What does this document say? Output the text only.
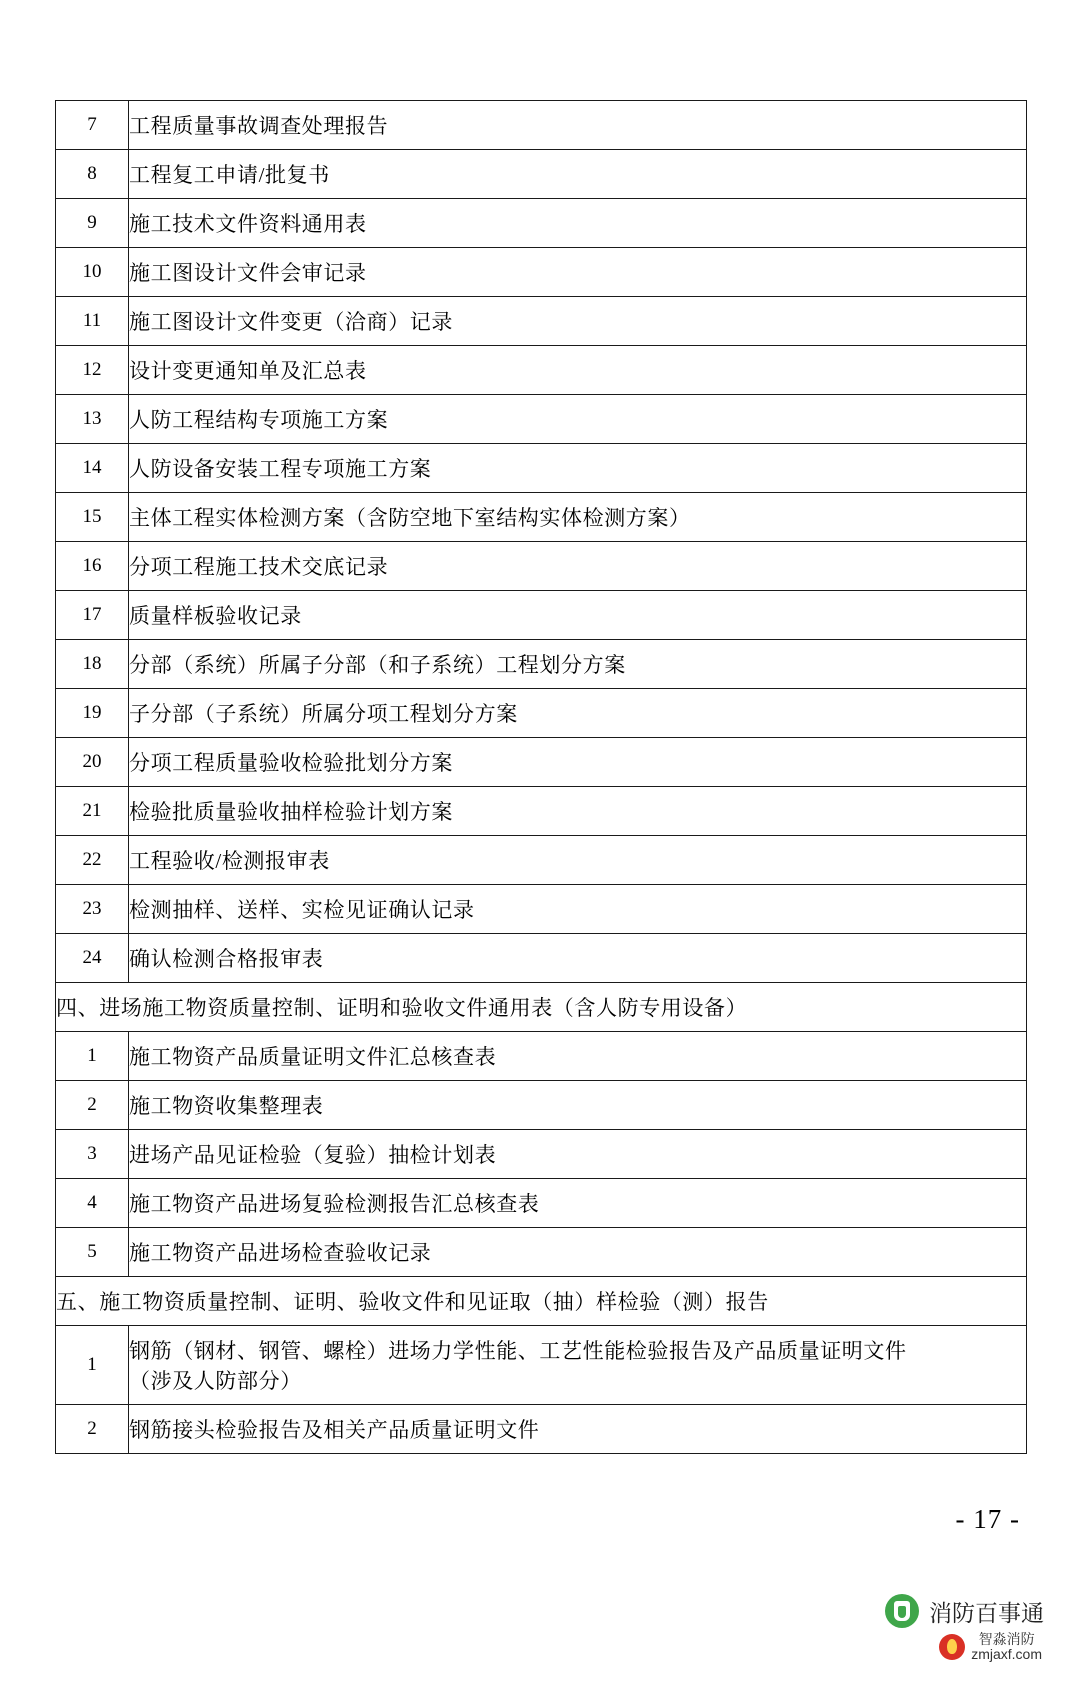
7	工程质量事故调查处理报告
8	工程复工申请/批复书
9	施工技术文件资料通用表
10	施工图设计文件会审记录
11	施工图设计文件变更（洽商）记录
12	设计变更通知单及汇总表
13	人防工程结构专项施工方案
14	人防设备安装工程专项施工方案
15	主体工程实体检测方案（含防空地下室结构实体检测方案）
16	分项工程施工技术交底记录
17	质量样板验收记录
18	分部（系统）所属子分部（和子系统）工程划分方案
19	子分部（子系统）所属分项工程划分方案
20	分项工程质量验收检验批划分方案
21	检验批质量验收抽样检验计划方案
22	工程验收/检测报审表
23	检测抽样、送样、实检见证确认记录
24	确认检测合格报审表
四、进场施工物资质量控制、证明和验收文件通用表（含人防专用设备）	
1	施工物资产品质量证明文件汇总核查表
2	施工物资收集整理表
3	进场产品见证检验（复验）抽检计划表
4	施工物资产品进场复验检测报告汇总核查表
5	施工物资产品进场检查验收记录
五、施工物资质量控制、证明、验收文件和见证取（抽）样检验（测）报告	
1	钢筋（钢材、钢管、螺栓）进场力学性能、工艺性能检验报告及产品质量证明文件
（涉及人防部分）

2	钢筋接头检验报告及相关产品质量证明文件
- 17 -
消防百事通
智淼消防
zmjaxf.com
